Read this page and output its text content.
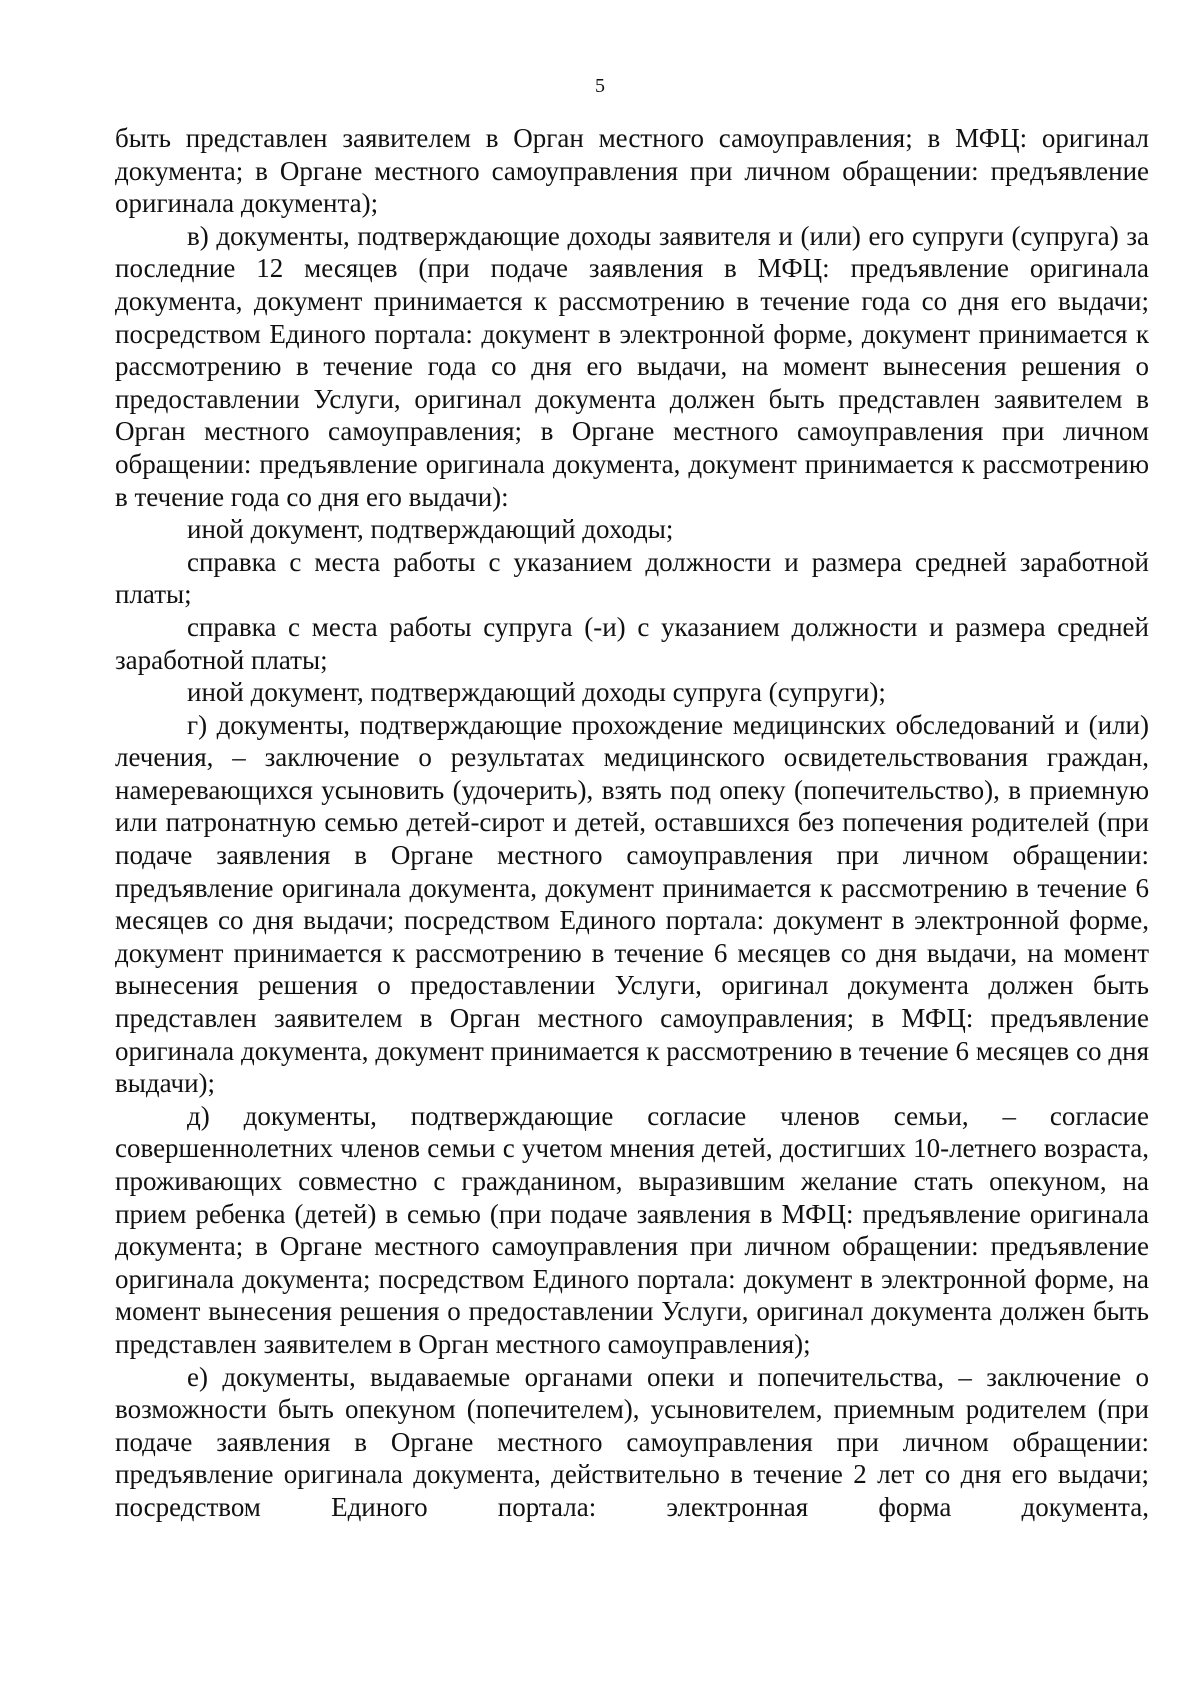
5

быть представлен заявителем в Орган местного самоуправления; в МФЦ: оригинал документа; в Органе местного самоуправления при личном обращении: предъявление оригинала документа);

в) документы, подтверждающие доходы заявителя и (или) его супруги (супруга) за последние 12 месяцев (при подаче заявления в МФЦ: предъявление оригинала документа, документ принимается к рассмотрению в течение года со дня его выдачи; посредством Единого портала: документ в электронной форме, документ принимается к рассмотрению в течение года со дня его выдачи, на момент вынесения решения о предоставлении Услуги, оригинал документа должен быть представлен заявителем в Орган местного самоуправления; в Органе местного самоуправления при личном обращении: предъявление оригинала документа, документ принимается к рассмотрению в течение года со дня его выдачи):

иной документ, подтверждающий доходы;

справка с места работы с указанием должности и размера средней заработной платы;

справка с места работы супруга (-и) с указанием должности и размера средней заработной платы;

иной документ, подтверждающий доходы супруга (супруги);

г) документы, подтверждающие прохождение медицинских обследований и (или) лечения, – заключение о результатах медицинского освидетельствования граждан, намеревающихся усыновить (удочерить), взять под опеку (попечительство), в приемную или патронатную семью детей-сирот и детей, оставшихся без попечения родителей (при подаче заявления в Органе местного самоуправления при личном обращении: предъявление оригинала документа, документ принимается к рассмотрению в течение 6 месяцев со дня выдачи; посредством Единого портала: документ в электронной форме, документ принимается к рассмотрению в течение 6 месяцев со дня выдачи, на момент вынесения решения о предоставлении Услуги, оригинал документа должен быть представлен заявителем в Орган местного самоуправления; в МФЦ: предъявление оригинала документа, документ принимается к рассмотрению в течение 6 месяцев со дня выдачи);

д) документы, подтверждающие согласие членов семьи, – согласие совершеннолетних членов семьи с учетом мнения детей, достигших 10-летнего возраста, проживающих совместно с гражданином, выразившим желание стать опекуном, на прием ребенка (детей) в семью (при подаче заявления в МФЦ: предъявление оригинала документа; в Органе местного самоуправления при личном обращении: предъявление оригинала документа; посредством Единого портала: документ в электронной форме, на момент вынесения решения о предоставлении Услуги, оригинал документа должен быть представлен заявителем в Орган местного самоуправления);

е) документы, выдаваемые органами опеки и попечительства, – заключение о возможности быть опекуном (попечителем), усыновителем, приемным родителем (при подаче заявления в Органе местного самоуправления при личном обращении: предъявление оригинала документа, действительно в течение 2 лет со дня его выдачи; посредством Единого портала: электронная форма документа,
